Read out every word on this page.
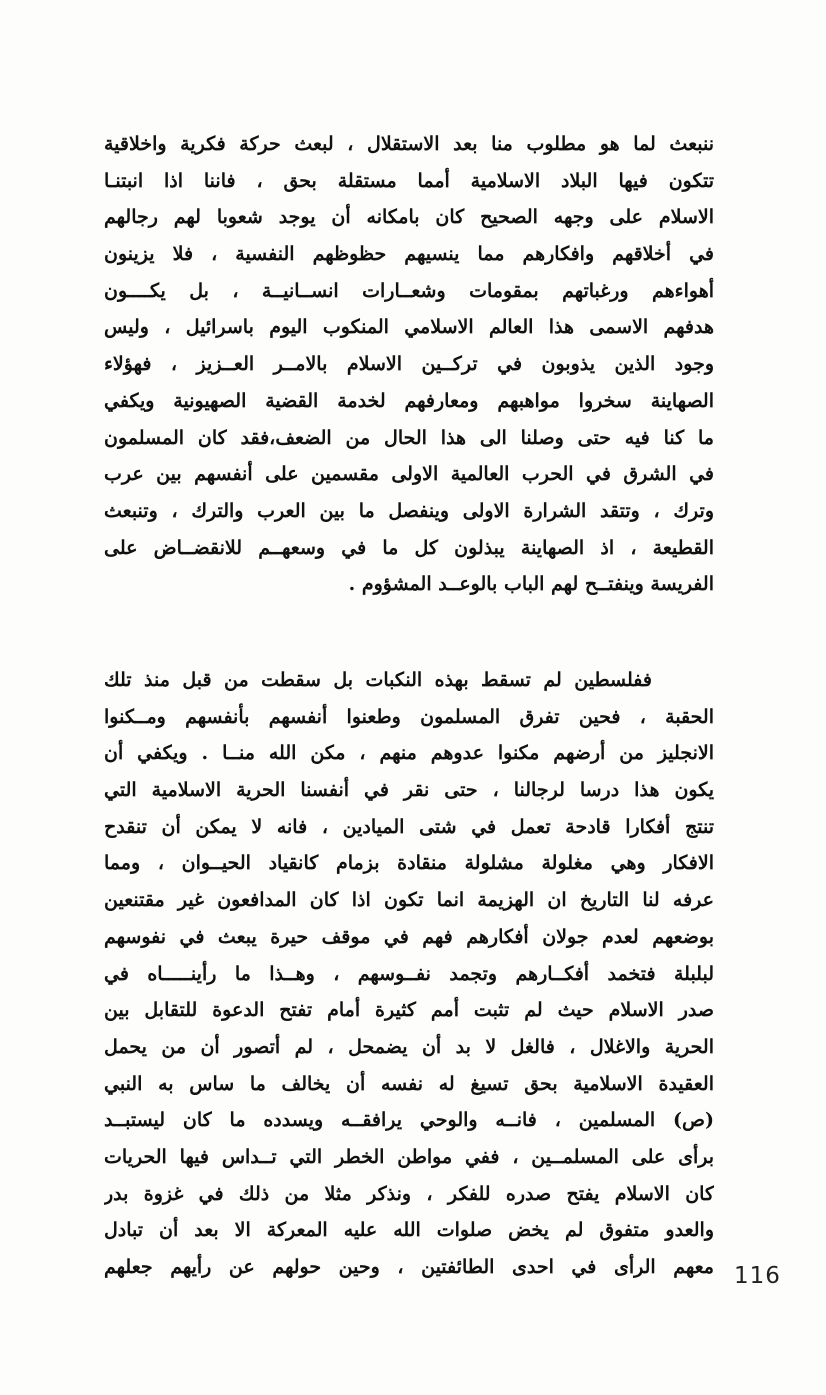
ننبعث لما هو مطلوب منا بعد الاستقلال ، لبعث حركة فكرية واخلاقية
تتكون فيها البلاد الاسلامية أمما مستقلة بحق ، فاننا اذا انبتنـا
الاسلام على وجهه الصحيح كان بامكانه أن يوجد شعوبا لهم رجالهم
في أخلاقهم وافكارهم مما ينسيهم حظوظهم النفسية ، فلا يزينون
أهواءهم ورغباتهم بمقومات وشعــارات انســانيــة ، بل يكــــون
هدفهم الاسمى هذا العالم الاسلامي المنكوب اليوم باسرائيل ، وليس
وجود الذين يذوبون في تركــين الاسلام بالامــر العــزيز ، فهؤلاء
الصهاينة سخروا مواهبهم ومعارفهم لخدمة القضية الصهيونية ويكفي
ما كنا فيه حتى وصلنا الى هذا الحال من الضعف،فقد كان المسلمون
في الشرق في الحرب العالمية الاولى مقسمين على أنفسهم بين عرب
وترك ، وتتقد الشرارة الاولى وينفصل ما بين العرب والترك ، وتنبعث
القطيعة ، اذ الصهاينة يبذلون كل ما في وسعهــم للانقضــاض على
الفريسة وينفتــح لهم الباب بالوعــد المشؤوم .
ففلسطين لم تسقط بهذه النكبات بل سقطت من قبل منذ تلك
الحقبة ، فحين تفرق المسلمون وطعنوا أنفسهم بأنفسهم ومــكنوا
الانجليز من أرضهم مكنوا عدوهم منهم ، مكن الله منــا . ويكفي أن
يكون هذا درسا لرجالنا ، حتى نقر في أنفسنا الحرية الاسلامية التي
تنتج أفكارا قادحة تعمل في شتى الميادين ، فانه لا يمكن أن تنقدح
الافكار وهي مغلولة مشلولة منقادة بزمام كانقياد الحيــوان ، ومما
عرفه لنا التاريخ ان الهزيمة انما تكون اذا كان المدافعون غير مقتنعين
بوضعهم لعدم جولان أفكارهم فهم في موقف حيرة يبعث في نفوسهم
لبلبلة فتخمد أفكــارهم وتجمد نفــوسهم ، وهــذا ما رأينـــــاه في
صدر الاسلام حيث لم تثبت أمم كثيرة أمام تفتح الدعوة للتقابل بين
الحرية والاغلال ، فالغل لا بد أن يضمحل ، لم أتصور أن من يحمل
العقيدة الاسلامية بحق تسيغ له نفسه أن يخالف ما ساس به النبي
(ص) المسلمين ، فانــه والوحي يرافقــه ويسدده ما كان ليستبــد
برأى على المسلمــين ، ففي مواطن الخطر التي تــداس فيها الحريات
كان الاسلام يفتح صدره للفكر ، ونذكر مثلا من ذلك في غزوة بدر
والعدو متفوق لم يخض صلوات الله عليه المعركة الا بعد أن تبادل
معهم الرأى في احدى الطائفتين ، وحين حولهم عن رأيهم جعلهم 116
